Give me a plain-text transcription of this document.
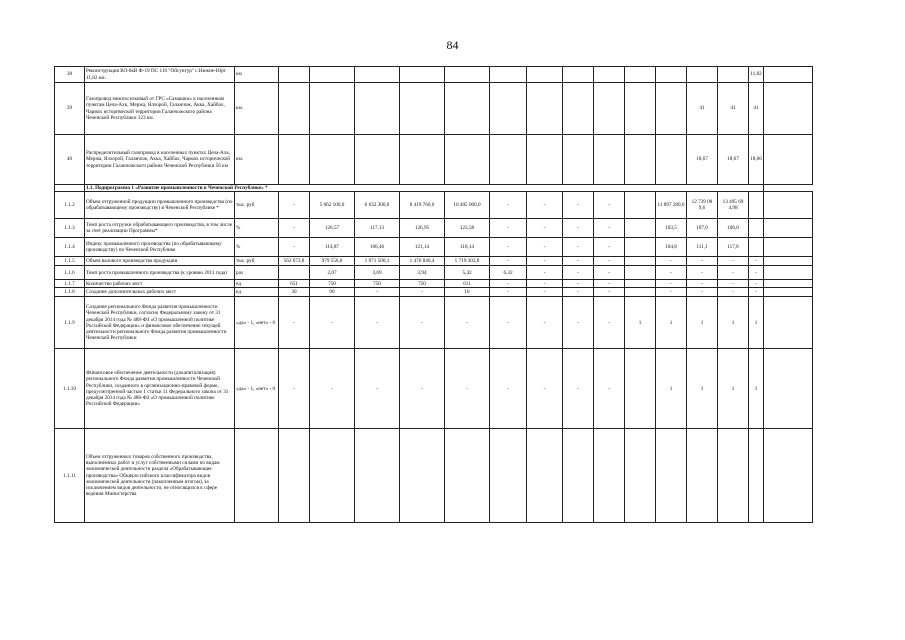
84
38	Реконструкция ВЛ-6кВ Ф-19 ПС 110 "Ойсунгур" с.Нижне-Юрт 11,82 км.	км														11,82	
39	Газопровод межпоселковый от ГРС «Самашки» к населенным пунктам Цеча-Ахк, Мержа, Ялхорой, Галанчож, Акка, Хайбах, Чармах исторической территории Галанчожского района Чеченской Республики 123 км.	км.												41	41	41	
40	Распределительный газопровод в населенных пунктах Цеча-Ахк, Мержа, Ялхорой, Галанчож, Акка, Хайбах, Чармах исторической территории Галанчожского района Чеченской Республики 56 км	км.												18,67	18,67	18,66	
	1.1. Подпрограмма 1 «Развитие промышленности в Чеченской Республике» *																
1.1.2	Объем отгруженной продукции промышленного производства (по обрабатывающему производству) в Чеченской Республике *	тыс. руб	-	5 662 100,0	6 632 300,0	8 419 760,0	10 405 000,0	-	-	-	-		11 897 280,0	12 739 08 9,6	13 495 69 4,98		
1.1.3	Темп роста отгрузки обрабатывающего производства, в том числе за счет реализации Программы*	%	-	126,57	117,13	126,95	123,58	-	-	-	-		103,5	107,0	106,0		
1.1.4	Индекс промышленного производства (по обрабатывающему производству) по Чеченской Республике	%	-	114,87	100,46	121,14	118,14	-	-	-	-		104,8	111,1	117,8		
1.1.5	Объем валового производства продукции	тыс. руб	562 673,8	979 556,0	1 071 500,1	1 476 846,4	1 719 302,8	-	-	-	-		-	-	-	-	
1.1.6	Темп роста промышленного производства (к уровню 2011 года)	раз		2,07	3,69	3,94	5,42	6,32	-	-	-		-	-	-	-	
1.1.7	Количество рабочих мест	ед.	651	750	750	750	611	-	-	-	-		-	-	-	-	
1.1.8	Создание дополнительных рабочих мест	ед.	30	90	-	-	10	-	-	-	-		-	-	-	-	
1.1.9	Создание регионального Фонда развития промышленности Чеченской Республики, согласно Федеральному закону от 31 декабря 2014 года № 488-ФЗ «О промышленной политике Российской Федерации» и финансовое обеспечение текущей деятельности регионального Фонда развития промышленности Чеченской Республики	«да» - 1, «нет» - 0	-	-	-	-	-	-	-	-	-	1	1	1	1	1	
1.1.10	Финансовое обеспечение деятельности (докапитализация) регионального Фонда развития промышленности Чеченской Республики, созданного в организационно-правовой форме, предусмотренной частью 1 статьи 11 Федерального закона от 31 декабря 2014 года № 488-ФЗ «О промышленной политике Российской Федерации»	«да» - 1, «нет» - 0	-	-	-	-	-	-	-	-	-		1	1	1	1	
1.1.11	Объем отгруженных товаров собственного производства, выполненных работ и услуг собственными силами по видам экономической деятельности раздела «Обрабатывающие производства» Общероссийского классификатора видов экономической деятельности (пакопленным итогом), за исключением видов деятельности, не относящихся к сфере ведения Министерства																
